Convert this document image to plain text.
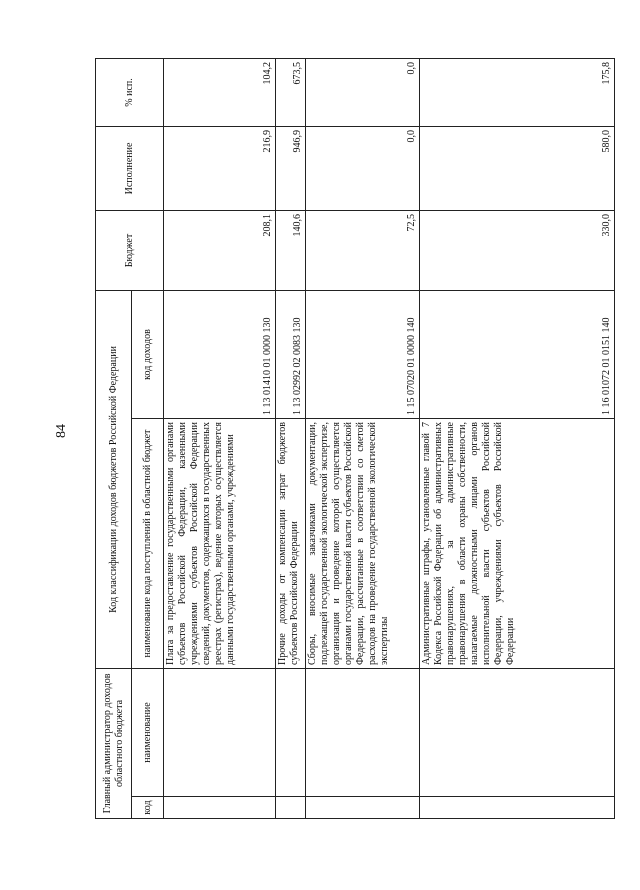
84
Главный администратор доходов областного бюджета		Код классификации доходов бюджетов Российской Федерации		Бюджет	Исполнение	% исп.
код	наименование	наименование кода поступлений в областной бюджет	код доходов			
		Плата за предоставление государственными органами субъектов Российской Федерации, казенными учреждениями субъектов Российской Федерации сведений, документов, содержащихся в государственных реестрах (регистрах), ведение которых осуществляется данными государственными органами, учреждениями	1 13 01410 01 0000 130	208,1	216,9	104,2
		Прочие доходы от компенсации затрат бюджетов субъектов Российской Федерации	1 13 02992 02 0083 130	140,6	946,9	673,5
		Сборы, вносимые заказчиками документации, подлежащей государственной экологической экспертизе, организация и проведение которой осуществляется органами государственной власти субъектов Российской Федерации, рассчитанные в соответствии со сметой расходов на проведение государственной экологической экспертизы	1 15 07020 01 0000 140	72,5	0,0	0,0
		Административные штрафы, установленные главой 7 Кодекса Российской Федерации об административных правонарушениях, за административные правонарушения в области охраны собственности, налагаемые должностными лицами органов исполнительной власти субъектов Российской Федерации, учреждениями субъектов Российской Федерации	1 16 01072 01 0151 140	330,0	580,0	175,8
